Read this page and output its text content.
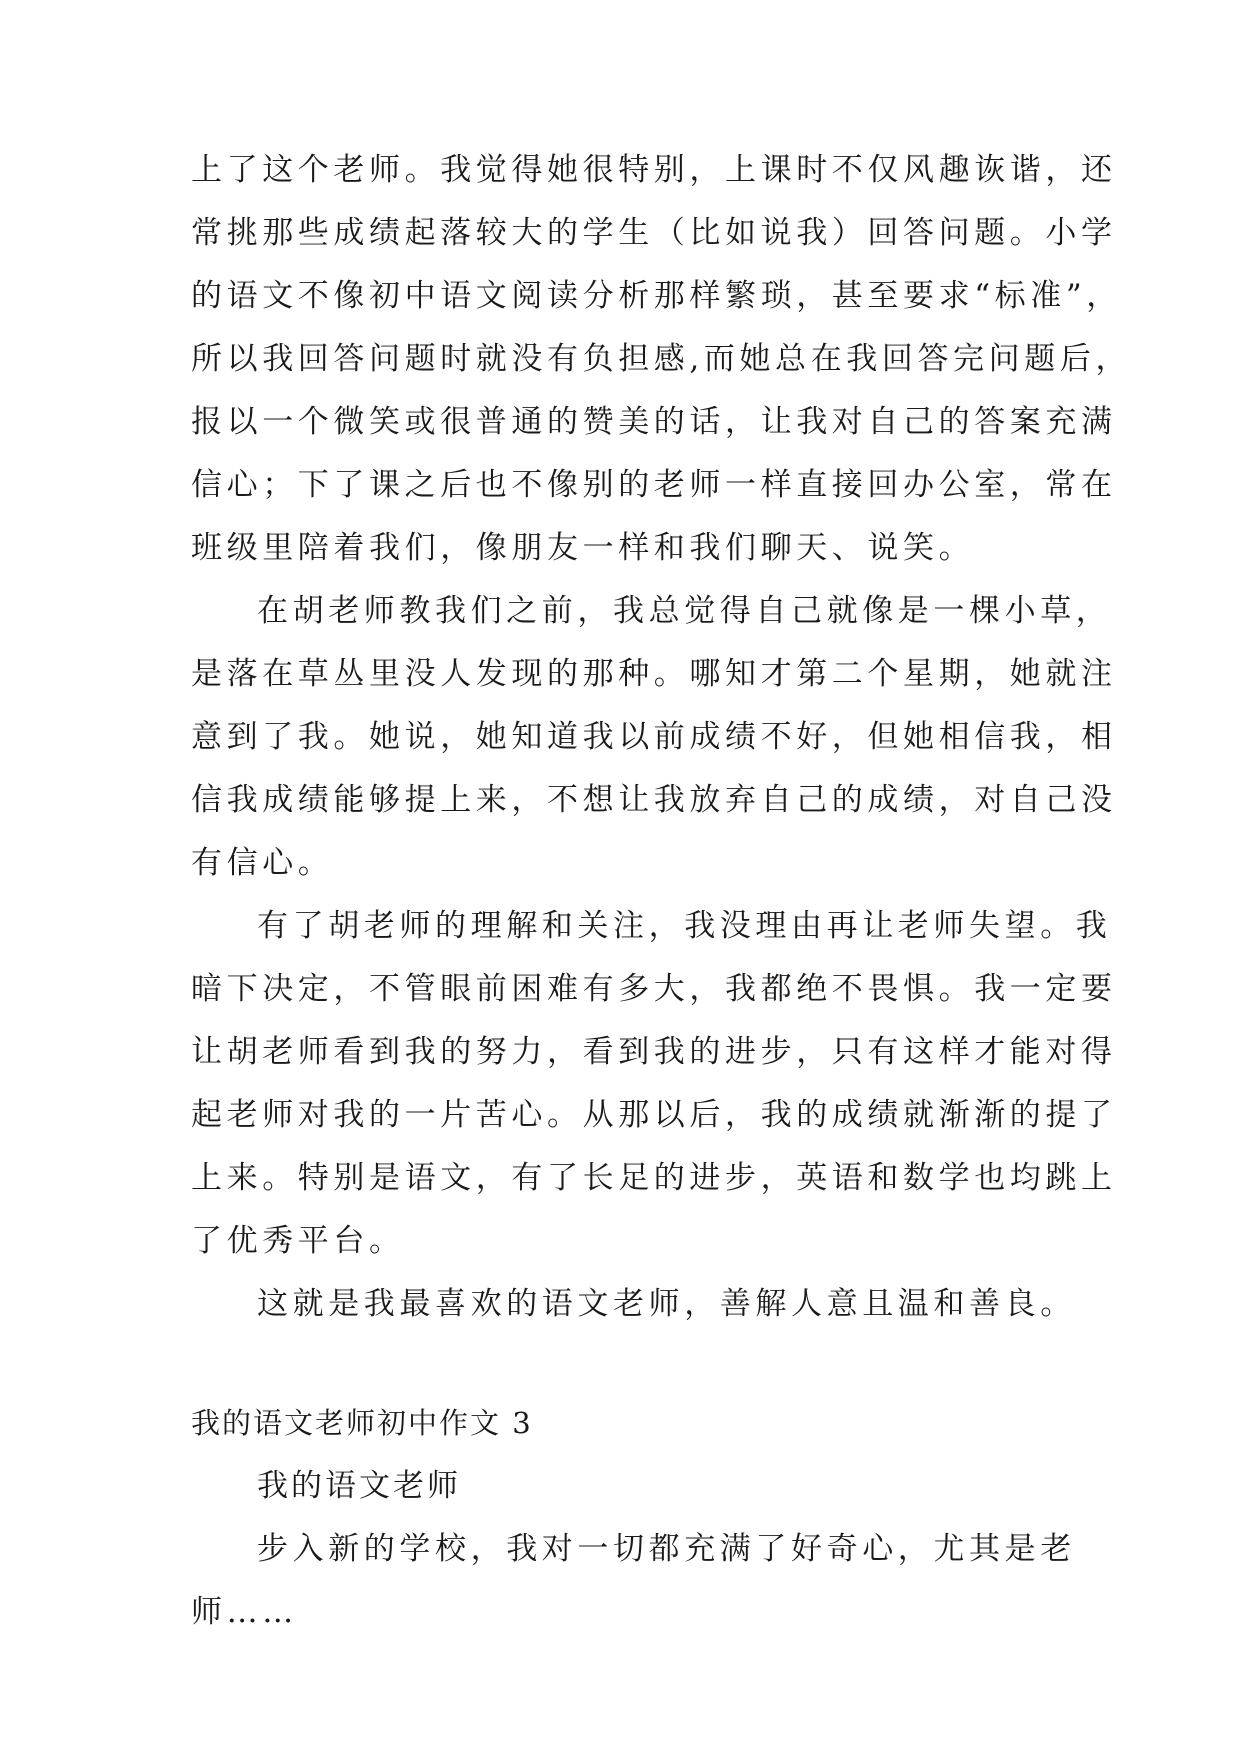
上了这个老师。我觉得她很特别，上课时不仅风趣诙谐，还
常挑那些成绩起落较大的学生（比如说我）回答问题。小学
的语文不像初中语文阅读分析那样繁琐，甚至要求“标准”，
所以我回答问题时就没有负担感,而她总在我回答完问题后，
报以一个微笑或很普通的赞美的话，让我对自己的答案充满
信心；下了课之后也不像别的老师一样直接回办公室，常在
班级里陪着我们，像朋友一样和我们聊天、说笑。
在胡老师教我们之前，我总觉得自己就像是一棵小草，
是落在草丛里没人发现的那种。哪知才第二个星期，她就注
意到了我。她说，她知道我以前成绩不好，但她相信我，相
信我成绩能够提上来，不想让我放弃自己的成绩，对自己没
有信心。
有了胡老师的理解和关注，我没理由再让老师失望。我
暗下决定，不管眼前困难有多大，我都绝不畏惧。我一定要
让胡老师看到我的努力，看到我的进步，只有这样才能对得
起老师对我的一片苦心。从那以后，我的成绩就渐渐的提了
上来。特别是语文，有了长足的进步，英语和数学也均跳上
了优秀平台。
这就是我最喜欢的语文老师，善解人意且温和善良。
我的语文老师初中作文 3
我的语文老师
步入新的学校，我对一切都充满了好奇心，尤其是老
师……
